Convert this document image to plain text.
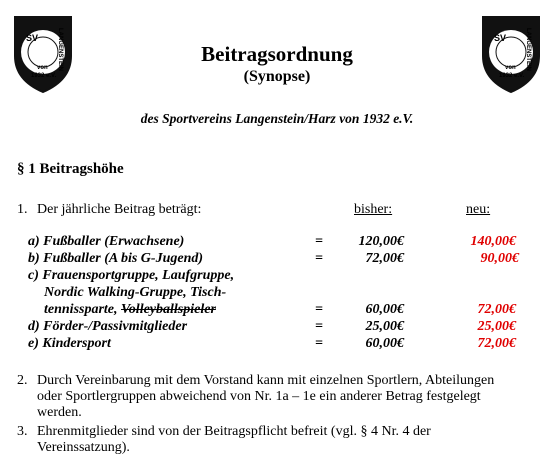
SV
von
1932 e.V.
LANGENSTEIN	SV
von
1932 e.V.
LANGENSTEIN
Beitragsordnung
(Synopse)
des Sportvereins Langenstein/Harz von 1932 e.V.
§ 1 Beitragshöhe
1. Der jährliche Beitrag beträgt:	bisher:	neu:
a) Fußballer (Erwachsene)	=	120,00€	140,00€
b) Fußballer (A bis G-Jugend)	=	72,00€	90,00€
c) Frauensportgruppe, Laufgruppe,
Nordic Walking-Gruppe, Tisch-
tennissparte, Volleyballspieler	=	60,00€	72,00€
d) Förder-/Passivmitglieder	=	25,00€	25,00€
e) Kindersport	=	60,00€	72,00€
2. Durch Vereinbarung mit dem Vorstand kann mit einzelnen Sportlern, Abteilungen
oder Sportlergruppen abweichend von Nr. 1a – 1e ein anderer Betrag festgelegt
werden.
3. Ehrenmitglieder sind von der Beitragspflicht befreit (vgl. § 4 Nr. 4 der
Vereinssatzung).
